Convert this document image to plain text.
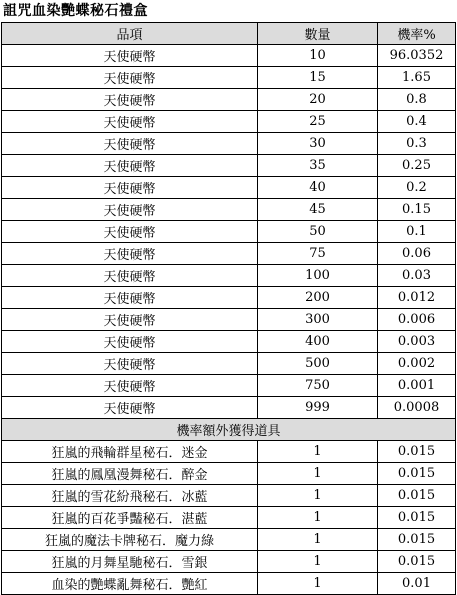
詛咒血染艷蝶秘石禮盒
品項	數量	機率%
天使硬幣	10	96.0352
天使硬幣	15	1.65
天使硬幣	20	0.8
天使硬幣	25	0.4
天使硬幣	30	0.3
天使硬幣	35	0.25
天使硬幣	40	0.2
天使硬幣	45	0.15
天使硬幣	50	0.1
天使硬幣	75	0.06
天使硬幣	100	0.03
天使硬幣	200	0.012
天使硬幣	300	0.006
天使硬幣	400	0.003
天使硬幣	500	0.002
天使硬幣	750	0.001
天使硬幣	999	0.0008
機率額外獲得道具		
狂嵐的飛輪群星秘石．迷金	1	0.015
狂嵐的鳳凰漫舞秘石．醉金	1	0.015
狂嵐的雪花紛飛秘石．冰藍	1	0.015
狂嵐的百花爭豔秘石．湛藍	1	0.015
狂嵐的魔法卡牌秘石．魔力綠	1	0.015
狂嵐的月舞星馳秘石．雪銀	1	0.015
血染的艷蝶亂舞秘石．艷紅	1	0.01
